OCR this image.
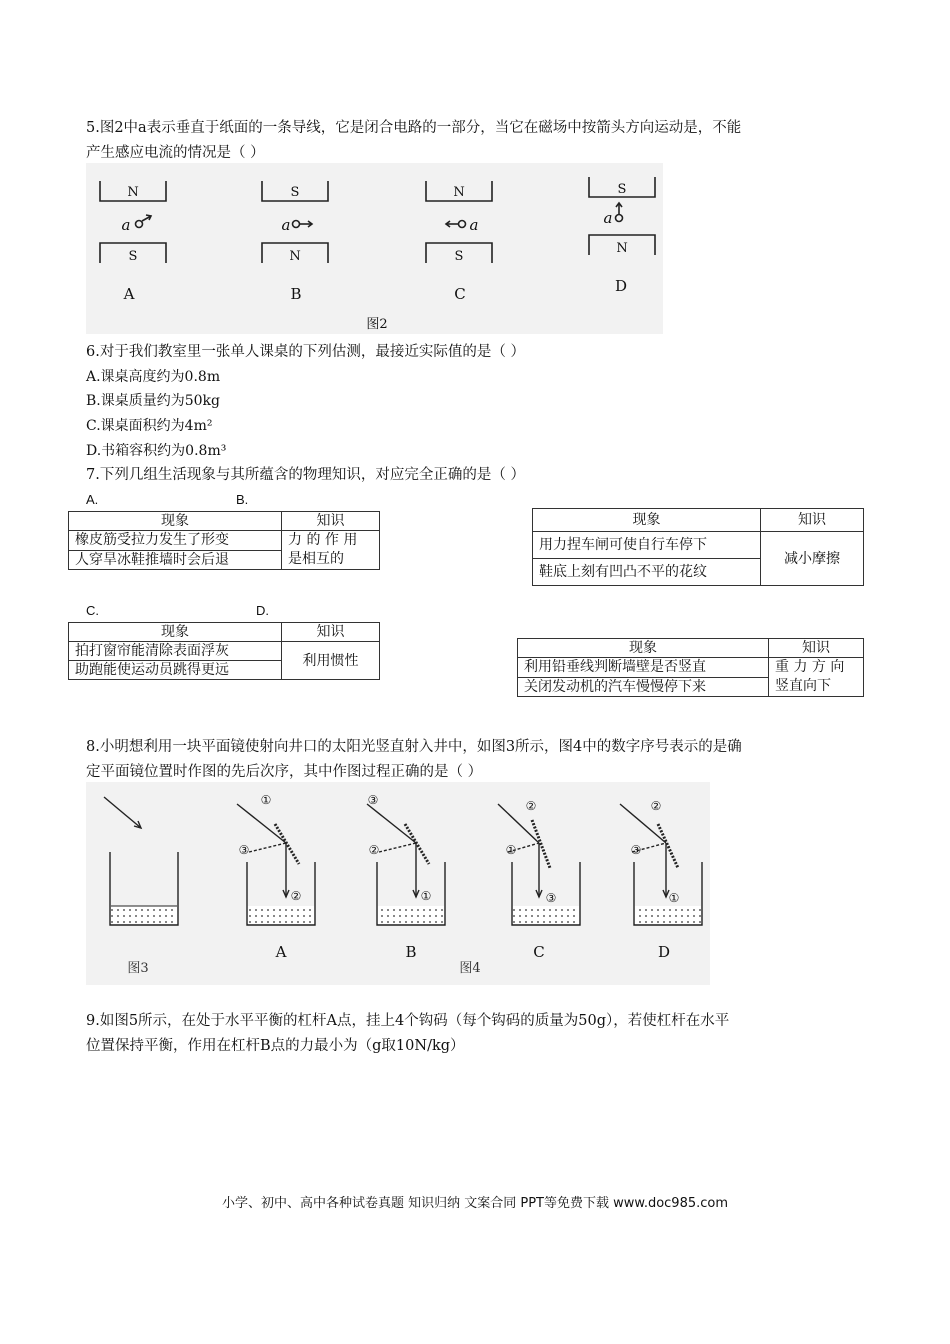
5.图2中a表示垂直于纸面的一条导线，它是闭合电路的一部分，当它在磁场中按箭头方向运动是，不能
产生感应电流的情况是（ ）
N
S
a
A
S
N
a
B
N
S
a
C
S
N
a
D
图2
6.对于我们教室里一张单人课桌的下列估测，最接近实际值的是（ ）
A.课桌高度约为0.8m
B.课桌质量约为50kg
C.课桌面积约为4m²
D.书箱容积约为0.8m³
7.下列几组生活现象与其所蕴含的物理知识，对应完全正确的是（ ）
A.	B.
现象	知识
橡皮筋受拉力发生了形变	力 的 作 用
是相互的

人穿旱冰鞋推墙时会后退	
现象	知识
用力捏车闸可使自行车停下	减小摩擦
鞋底上刻有凹凸不平的花纹	
C.	D.
现象	知识
拍打窗帘能清除表面浮灰	利用惯性
助跑能使运动员跳得更远	
现象	知识
利用铅垂线判断墙壁是否竖直	重 力 方 向
竖直向下

关闭发动机的汽车慢慢停下来	
8.小明想利用一块平面镜使射向井口的太阳光竖直射入井中，如图3所示，图4中的数字序号表示的是确
定平面镜位置时作图的先后次序，其中作图过程正确的是（ ）
①
③
②
③
②
①
②
①
③
②
③
①
A	B	C	D
图3	图4
9.如图5所示，在处于水平平衡的杠杆A点，挂上4个钩码（每个钩码的质量为50g），若使杠杆在水平
位置保持平衡，作用在杠杆B点的力最小为（g取10N/kg）
小学、初中、高中各种试卷真题 知识归纳 文案合同 PPT等免费下载 www.doc985.com
